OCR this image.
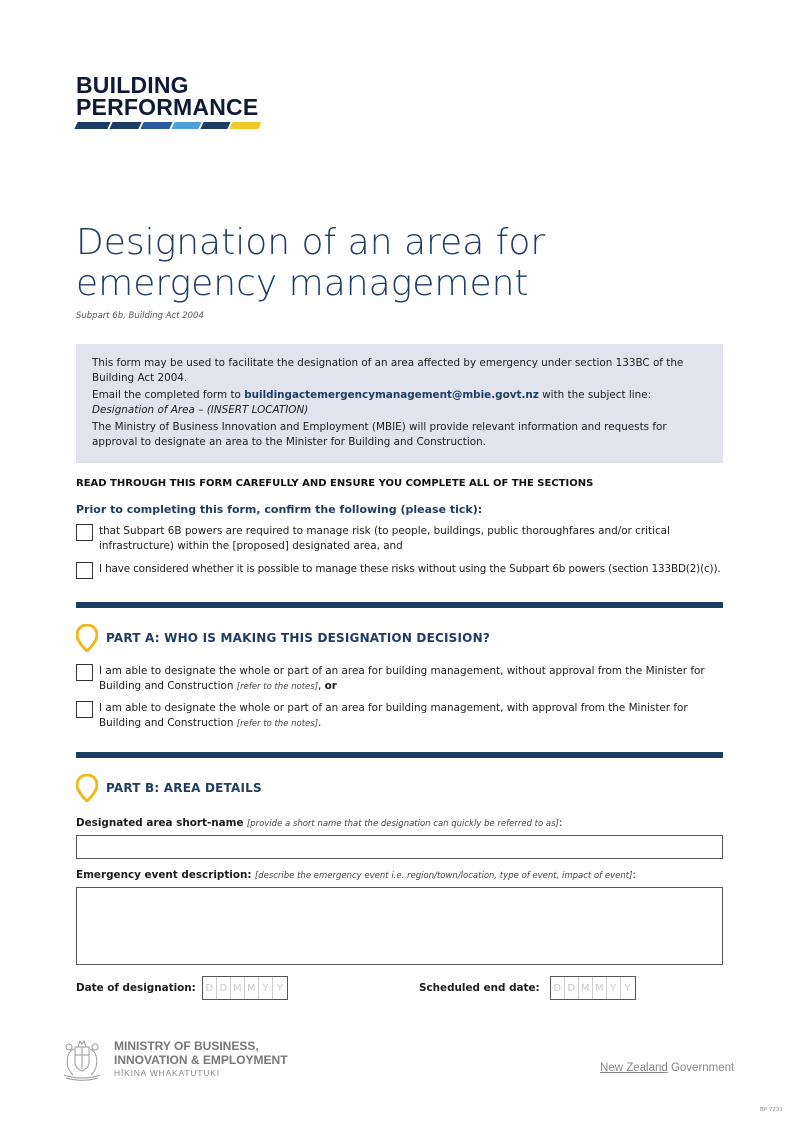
BUILDING
PERFORMANCE
Designation of an area for
emergency management
Subpart 6b, Building Act 2004

This form may be used to facilitate the designation of an area affected by emergency under section 133BC of the Building Act 2004.

Email the completed form to buildingactemergencymanagement@mbie.govt.nz with the subject line:
Designation of Area – (INSERT LOCATION)

The Ministry of Business Innovation and Employment (MBIE) will provide relevant information and requests for approval to designate an area to the Minister for Building and Construction.

READ THROUGH THIS FORM CAREFULLY AND ENSURE YOU COMPLETE ALL OF THE SECTIONS
Prior to completing this form, confirm the following (please tick):
that Subpart 6B powers are required to manage risk (to people, buildings, public thoroughfares and/or critical infrastructure) within the [proposed] designated area, and
I have considered whether it is possible to manage these risks without using the Subpart 6b powers (section 133BD(2)(c)).
PART A: WHO IS MAKING THIS DESIGNATION DECISION?
I am able to designate the whole or part of an area for building management, without approval from the Minister for Building and Construction [refer to the notes], or
I am able to designate the whole or part of an area for building management, with approval from the Minister for Building and Construction [refer to the notes].
PART B: AREA DETAILS
Designated area short-name [provide a short name that the designation can quickly be referred to as]:
Emergency event description: [describe the emergency event i.e. region/town/location, type of event, impact of event]:
Date of designation: D D M M Y Y	Scheduled end date: D D M M Y Y
MINISTRY OF BUSINESS,
INNOVATION & EMPLOYMENT
HĪKINA WHAKATUTUKI	New Zealand Government
BP 7231
